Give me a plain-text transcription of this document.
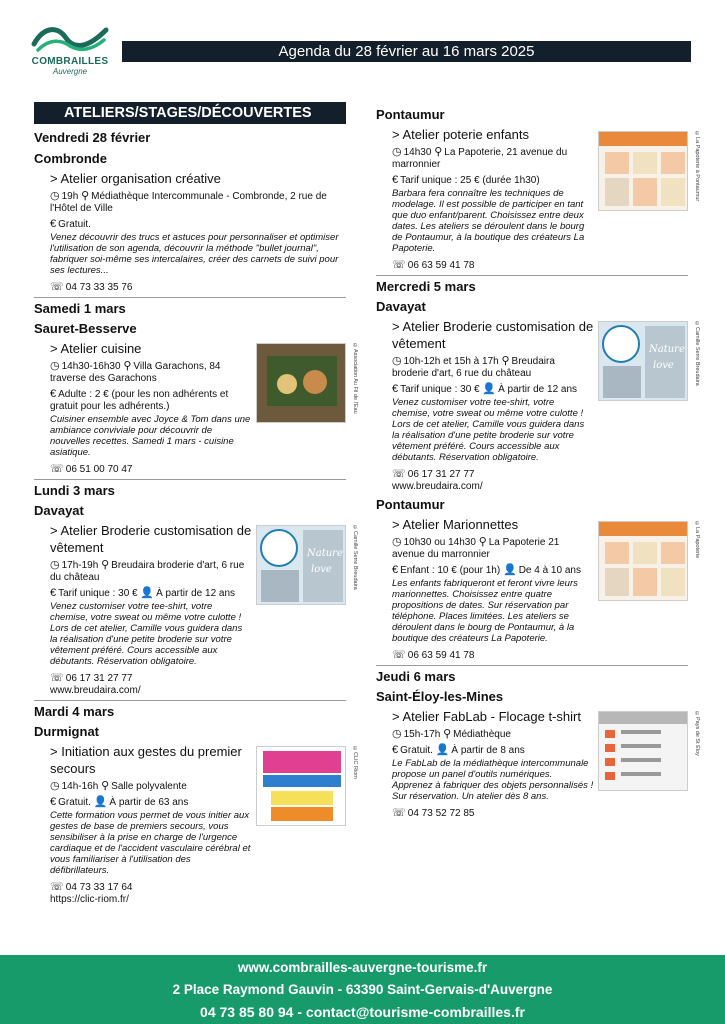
COMBRAILLES
Auvergne
Agenda du 28 février au 16 mars 2025
ATELIERS/STAGES/DÉCOUVERTES
Vendredi 28 février
Combronde
> Atelier organisation créative
◷ 19h ⚲ Médiathèque Intercommunale - Combronde, 2 rue de l'Hôtel de Ville
€ Gratuit.
Venez découvrir des trucs et astuces pour personnaliser et optimiser l'utilisation de son agenda, découvrir la méthode "bullet journal", fabriquer soi-même ses intercalaires, créer des carnets de suivi pour ses lectures...
☏ 04 73 33 35 76
Samedi 1 mars
Sauret-Besserve
©Association Au Fil de l'Eau
> Atelier cuisine
◷ 14h30-16h30 ⚲ Villa Garachons, 84 traverse des Garachons
€ Adulte : 2 € (pour les non adhérents et gratuit pour les adhérents.)
Cuisiner ensemble avec Joyce & Tom dans une ambiance conviviale pour découvrir de nouvelles recettes. Samedi 1 mars - cuisine asiatique.
☏ 06 51 00 70 47
Lundi 3 mars
Davayat
Nature
love	©Camille Serre Breudaira
> Atelier Broderie customisation de vêtement
◷ 17h-19h ⚲ Breudaira broderie d'art, 6 rue du château
€ Tarif unique : 30 € 👤 À partir de 12 ans
Venez customiser votre tee-shirt, votre chemise, votre sweat ou même votre culotte ! Lors de cet atelier, Camille vous guidera dans la réalisation d'une petite broderie sur votre vêtement préféré. Cours accessible aux débutants. Réservation obligatoire.
☏ 06 17 31 27 77
www.breudaira.com/
Mardi 4 mars
Durmignat
©CLIC Riom
> Initiation aux gestes du premier secours
◷ 14h-16h ⚲ Salle polyvalente
€ Gratuit. 👤 À partir de 63 ans
Cette formation vous permet de vous initier aux gestes de base de premiers secours, vous sensibiliser à la prise en charge de l'urgence cardiaque et de l'accident vasculaire cérébral et vous familiariser à l'utilisation des défibrillateurs.
☏ 04 73 33 17 64
https://clic-riom.fr/
Pontaumur
©La Papoterie à Pontaumur
> Atelier poterie enfants
◷ 14h30 ⚲ La Papoterie, 21 avenue du marronnier
€ Tarif unique : 25 € (durée 1h30)
Barbara fera connaître les techniques de modelage. Il est possible de participer en tant que duo enfant/parent. Choisissez entre deux dates. Les ateliers se déroulent dans le bourg de Pontaumur, à la boutique des créateurs La Papoterie.
☏ 06 63 59 41 78
Mercredi 5 mars
Davayat
Nature
love	©Camille Serre Breudaira
> Atelier Broderie customisation de vêtement
◷ 10h-12h et 15h à 17h ⚲ Breudaira broderie d'art, 6 rue du château
€ Tarif unique : 30 € 👤 À partir de 12 ans
Venez customiser votre tee-shirt, votre chemise, votre sweat ou même votre culotte ! Lors de cet atelier, Camille vous guidera dans la réalisation d'une petite broderie sur votre vêtement préféré. Cours accessible aux débutants. Réservation obligatoire.
☏ 06 17 31 27 77
www.breudaira.com/
Pontaumur
©La Papoterie
> Atelier Marionnettes
◷ 10h30 ou 14h30 ⚲ La Papoterie 21 avenue du marronnier
€ Enfant : 10 € (pour 1h) 👤 De 4 à 10 ans
Les enfants fabriqueront et feront vivre leurs marionnettes. Choisissez entre quatre propositions de dates. Sur réservation par téléphone. Places limitées. Les ateliers se déroulent dans le bourg de Pontaumur, à la boutique des créateurs La Papoterie.
☏ 06 63 59 41 78
Jeudi 6 mars
Saint-Éloy-les-Mines
©Pays de St Eloy
> Atelier FabLab - Flocage t-shirt
◷ 15h-17h ⚲ Médiathèque
€ Gratuit. 👤 À partir de 8 ans
Le FabLab de la médiathèque intercommunale propose un panel d'outils numériques. Apprenez à fabriquer des objets personnalisés ! Sur réservation. Un atelier dès 8 ans.
☏ 04 73 52 72 85
www.combrailles-auvergne-tourisme.fr
2 Place Raymond Gauvin - 63390 Saint-Gervais-d'Auvergne
04 73 85 80 94 - contact@tourisme-combrailles.fr
